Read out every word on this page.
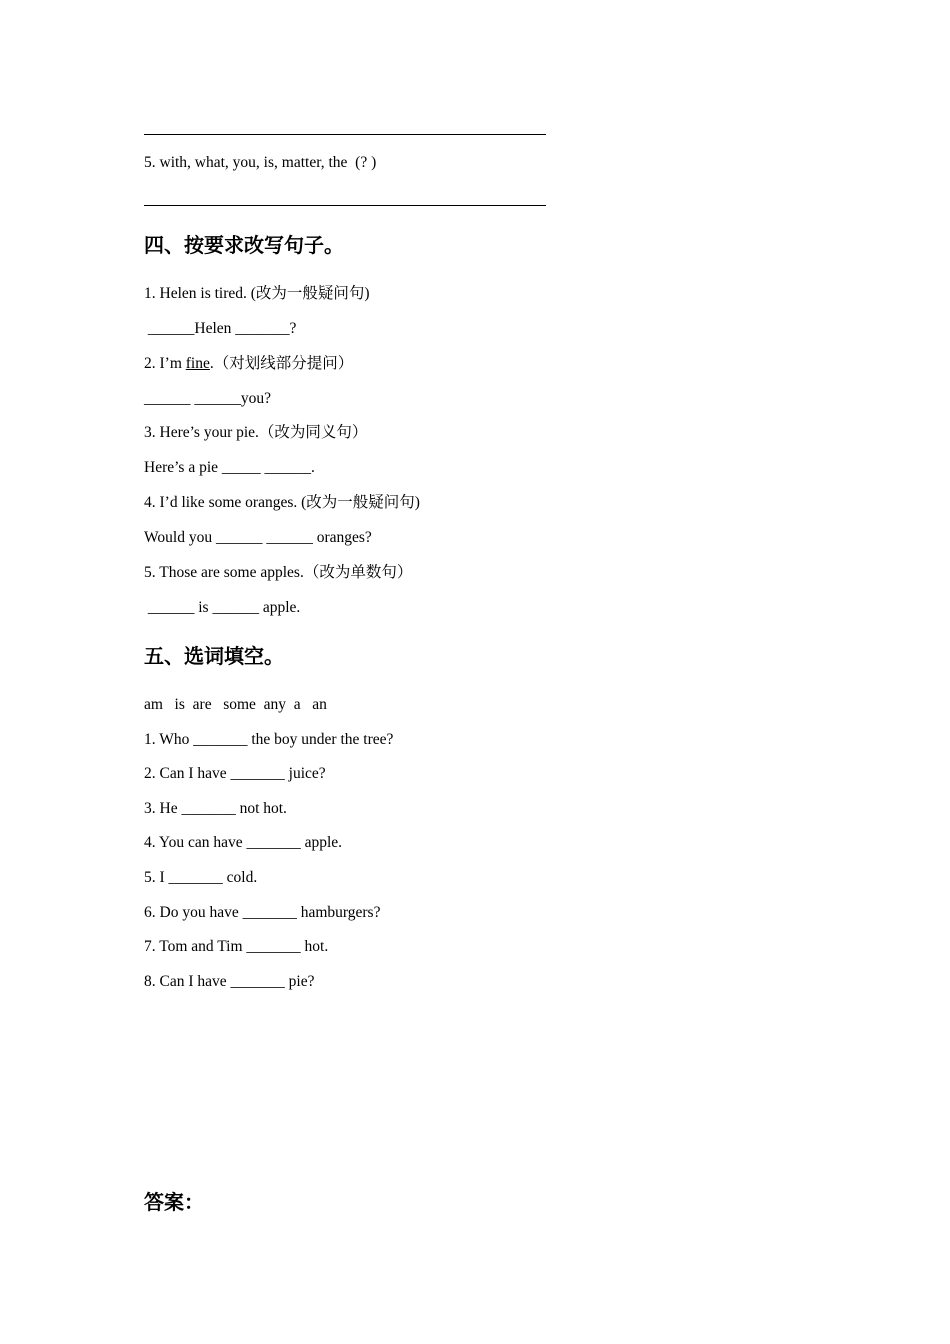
5. with, what, you, is, matter, the  (? )
四、按要求改写句子。
1. Helen is tired. (改为一般疑问句)
______Helen _______?
2. I’m fine.（对划线部分提问）
______ ______you?
3. Here’s your pie.（改为同义句）
Here’s a pie _____ ______.
4. I’d like some oranges. (改为一般疑问句)
Would you ______ ______ oranges?
5. Those are some apples.（改为单数句）
______ is ______ apple.
五、选词填空。
am   is  are   some  any  a   an
1. Who _______ the boy under the tree?
2. Can I have _______ juice?
3. He _______ not hot.
4. You can have _______ apple.
5. I _______ cold.
6. Do you have _______ hamburgers?
7. Tom and Tim _______ hot.
8. Can I have _______ pie?
答案：
